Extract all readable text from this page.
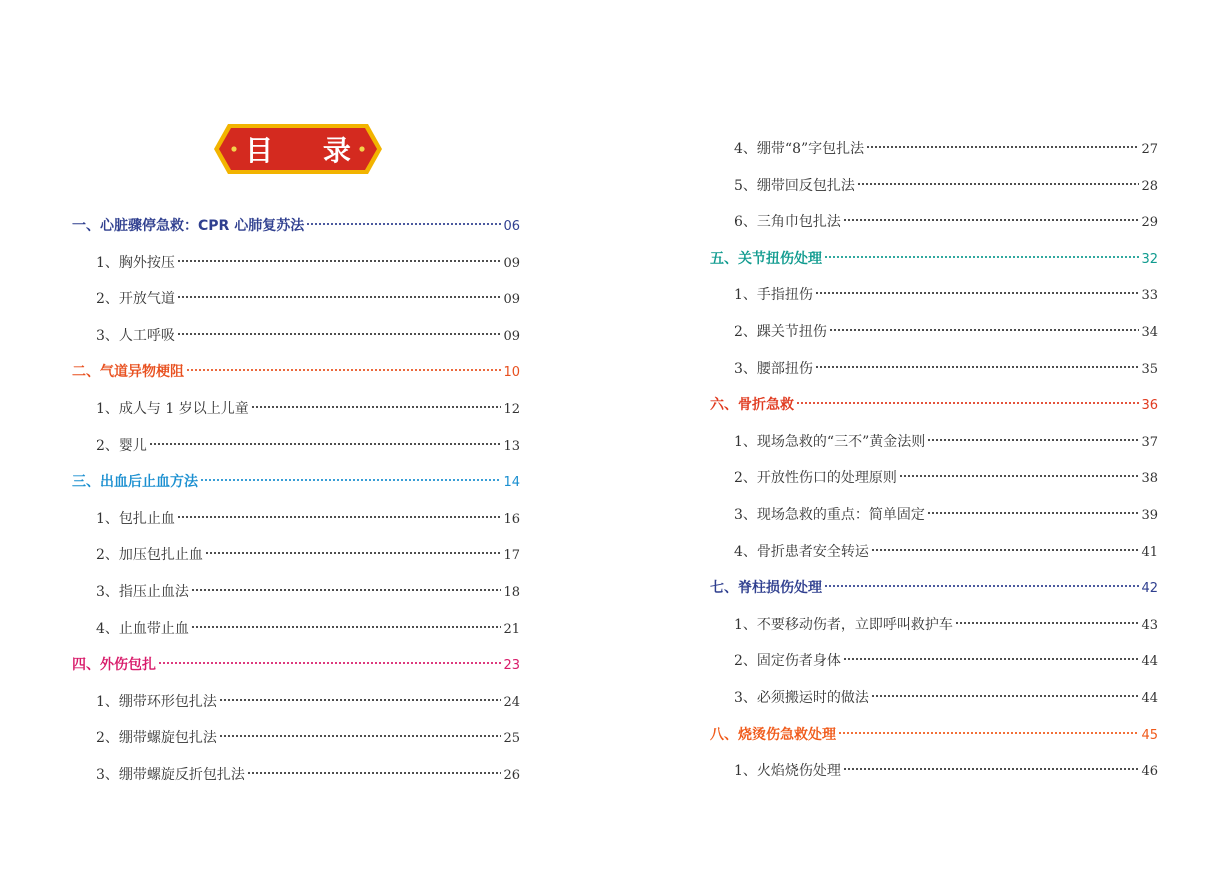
目 录
一、心脏骤停急救：CPR 心肺复苏法	06
1、胸外按压	09
2、开放气道	09
3、人工呼吸	09
二、气道异物梗阻	10
1、成人与 1 岁以上儿童	12
2、婴儿	13
三、出血后止血方法	14
1、包扎止血	16
2、加压包扎止血	17
3、指压止血法	18
4、止血带止血	21
四、外伤包扎	23
1、绷带环形包扎法	24
2、绷带螺旋包扎法	25
3、绷带螺旋反折包扎法	26
4、绷带“8”字包扎法	27
5、绷带回反包扎法	28
6、三角巾包扎法	29
五、关节扭伤处理	32
1、手指扭伤	33
2、踝关节扭伤	34
3、腰部扭伤	35
六、骨折急救	36
1、现场急救的“三不”黄金法则	37
2、开放性伤口的处理原则	38
3、现场急救的重点：简单固定	39
4、骨折患者安全转运	41
七、脊柱损伤处理	42
1、不要移动伤者，立即呼叫救护车	43
2、固定伤者身体	44
3、必须搬运时的做法	44
八、烧烫伤急救处理	45
1、火焰烧伤处理	46
